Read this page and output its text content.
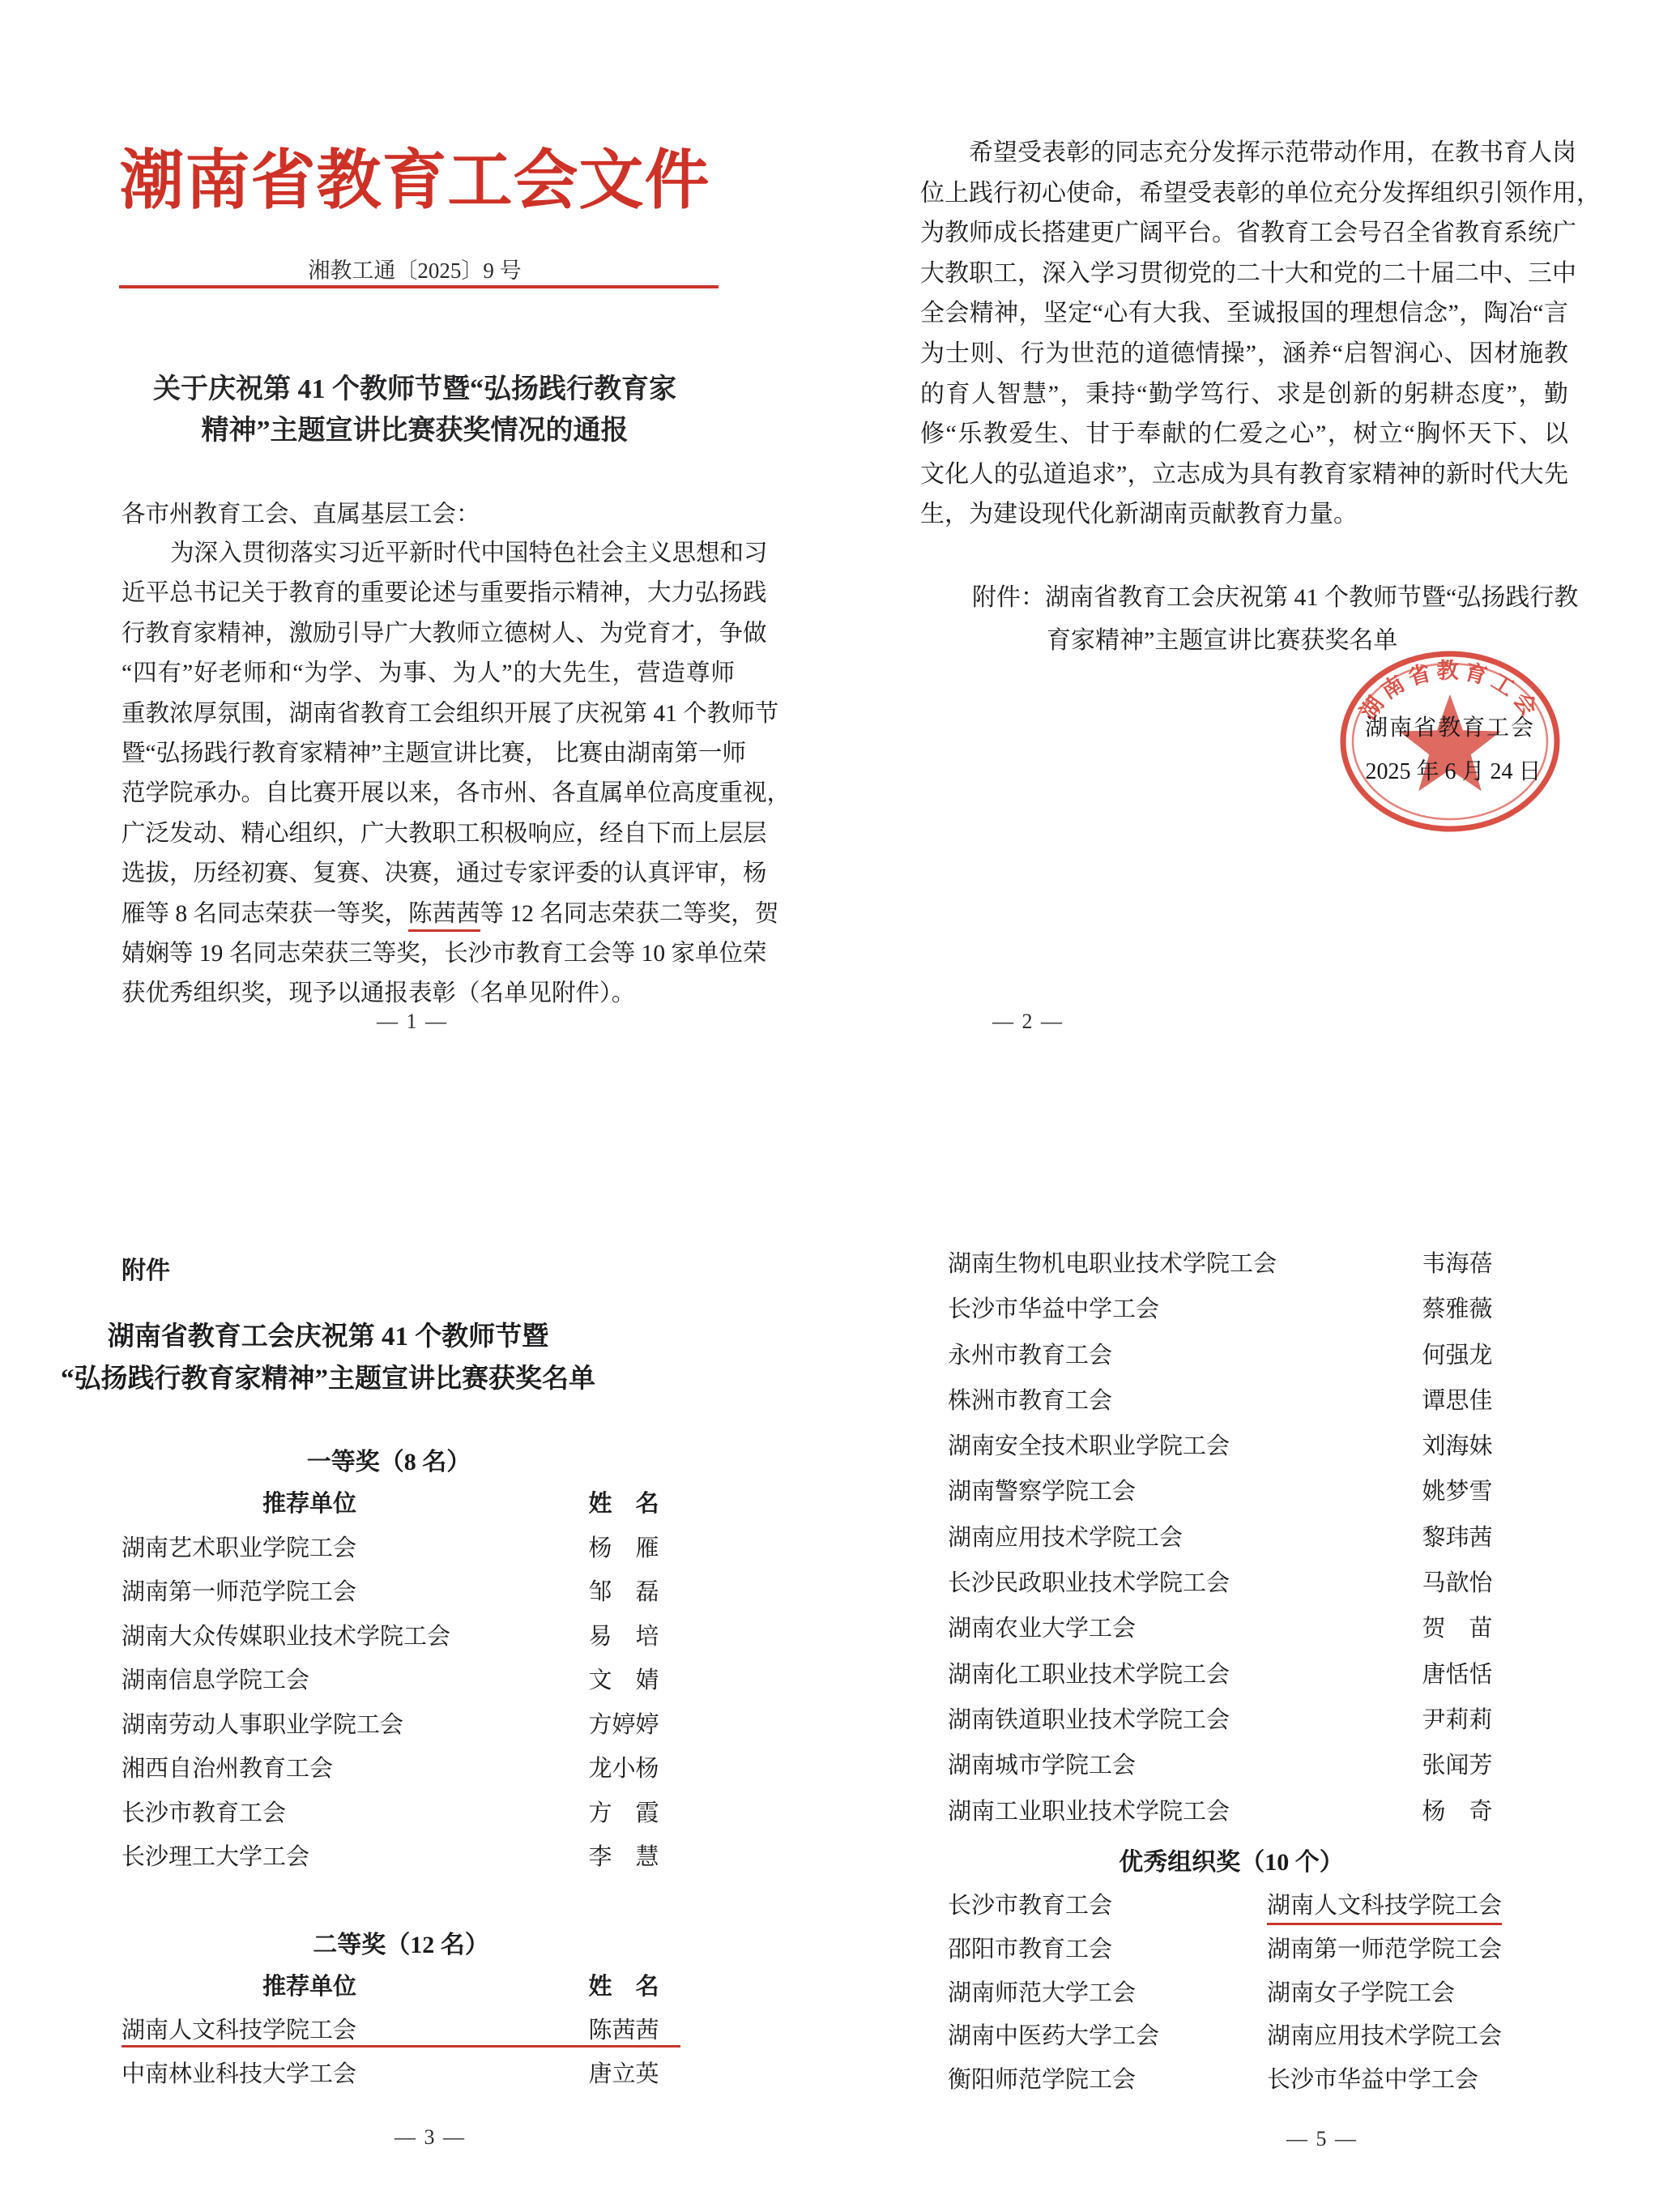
潮南省教育工会文件
湘教工通〔2025〕9 号
关于庆祝第 41 个教师节暨“弘扬践行教育家
精神”主题宣讲比赛获奖情况的通报
各市州教育工会、直属基层工会：
为深入贯彻落实习近平新时代中国特色社会主义思想和习
近平总书记关于教育的重要论述与重要指示精神，大力弘扬践
行教育家精神，激励引导广大教师立德树人、为党育才，争做
“四有”好老师和“为学、为事、为人”的大先生，营造尊师
重教浓厚氛围，湖南省教育工会组织开展了庆祝第 41 个教师节
暨“弘扬践行教育家精神”主题宣讲比赛， 比赛由湖南第一师
范学院承办。自比赛开展以来，各市州、各直属单位高度重视，
广泛发动、精心组织，广大教职工积极响应，经自下而上层层
选拔，历经初赛、复赛、决赛，通过专家评委的认真评审，杨
雁等 8 名同志荣获一等奖，陈茜茜等 12 名同志荣获二等奖，贺
婧娴等 19 名同志荣获三等奖，长沙市教育工会等 10 家单位荣
获优秀组织奖，现予以通报表彰（名单见附件）。
— 1 —
希望受表彰的同志充分发挥示范带动作用，在教书育人岗
位上践行初心使命，希望受表彰的单位充分发挥组织引领作用，
为教师成长搭建更广阔平台。省教育工会号召全省教育系统广
大教职工，深入学习贯彻党的二十大和党的二十届二中、三中
全会精神，坚定“心有大我、至诚报国的理想信念”，陶冶“言
为士则、行为世范的道德情操”，涵养“启智润心、因材施教
的育人智慧”，秉持“勤学笃行、求是创新的躬耕态度”，勤
修“乐教爱生、甘于奉献的仁爱之心”，树立“胸怀天下、以
文化人的弘道追求”，立志成为具有教育家精神的新时代大先
生，为建设现代化新湖南贡献教育力量。
附件：湖南省教育工会庆祝第 41 个教师节暨“弘扬践行教
育家精神”主题宣讲比赛获奖名单
湖南省教育工会
湖南省教育工会
2025 年 6 月 24 日
— 2 —
附件
湖南省教育工会庆祝第 41 个教师节暨
“弘扬践行教育家精神”主题宣讲比赛获奖名单
一等奖（8 名）
推荐单位	姓　名
湖南艺术职业学院工会	杨　雁
湖南第一师范学院工会	邹　磊
湖南大众传媒职业技术学院工会	易　培
湖南信息学院工会	文　婧
湖南劳动人事职业学院工会	方婷婷
湘西自治州教育工会	龙小杨
长沙市教育工会	方　霞
长沙理工大学工会	李　慧
二等奖（12 名）
推荐单位	姓　名
湖南人文科技学院工会	陈茜茜
中南林业科技大学工会	唐立英
— 3 —
湖南生物机电职业技术学院工会	韦海蓓
长沙市华益中学工会	蔡雅薇
永州市教育工会	何强龙
株洲市教育工会	谭思佳
湖南安全技术职业学院工会	刘海妹
湖南警察学院工会	姚梦雪
湖南应用技术学院工会	黎玮茜
长沙民政职业技术学院工会	马歆怡
湖南农业大学工会	贺　苗
湖南化工职业技术学院工会	唐恬恬
湖南铁道职业技术学院工会	尹莉莉
湖南城市学院工会	张闻芳
湖南工业职业技术学院工会	杨　奇
优秀组织奖（10 个）
长沙市教育工会	湖南人文科技学院工会
邵阳市教育工会	湖南第一师范学院工会
湖南师范大学工会	湖南女子学院工会
湖南中医药大学工会	湖南应用技术学院工会
衡阳师范学院工会	长沙市华益中学工会
— 5 —
